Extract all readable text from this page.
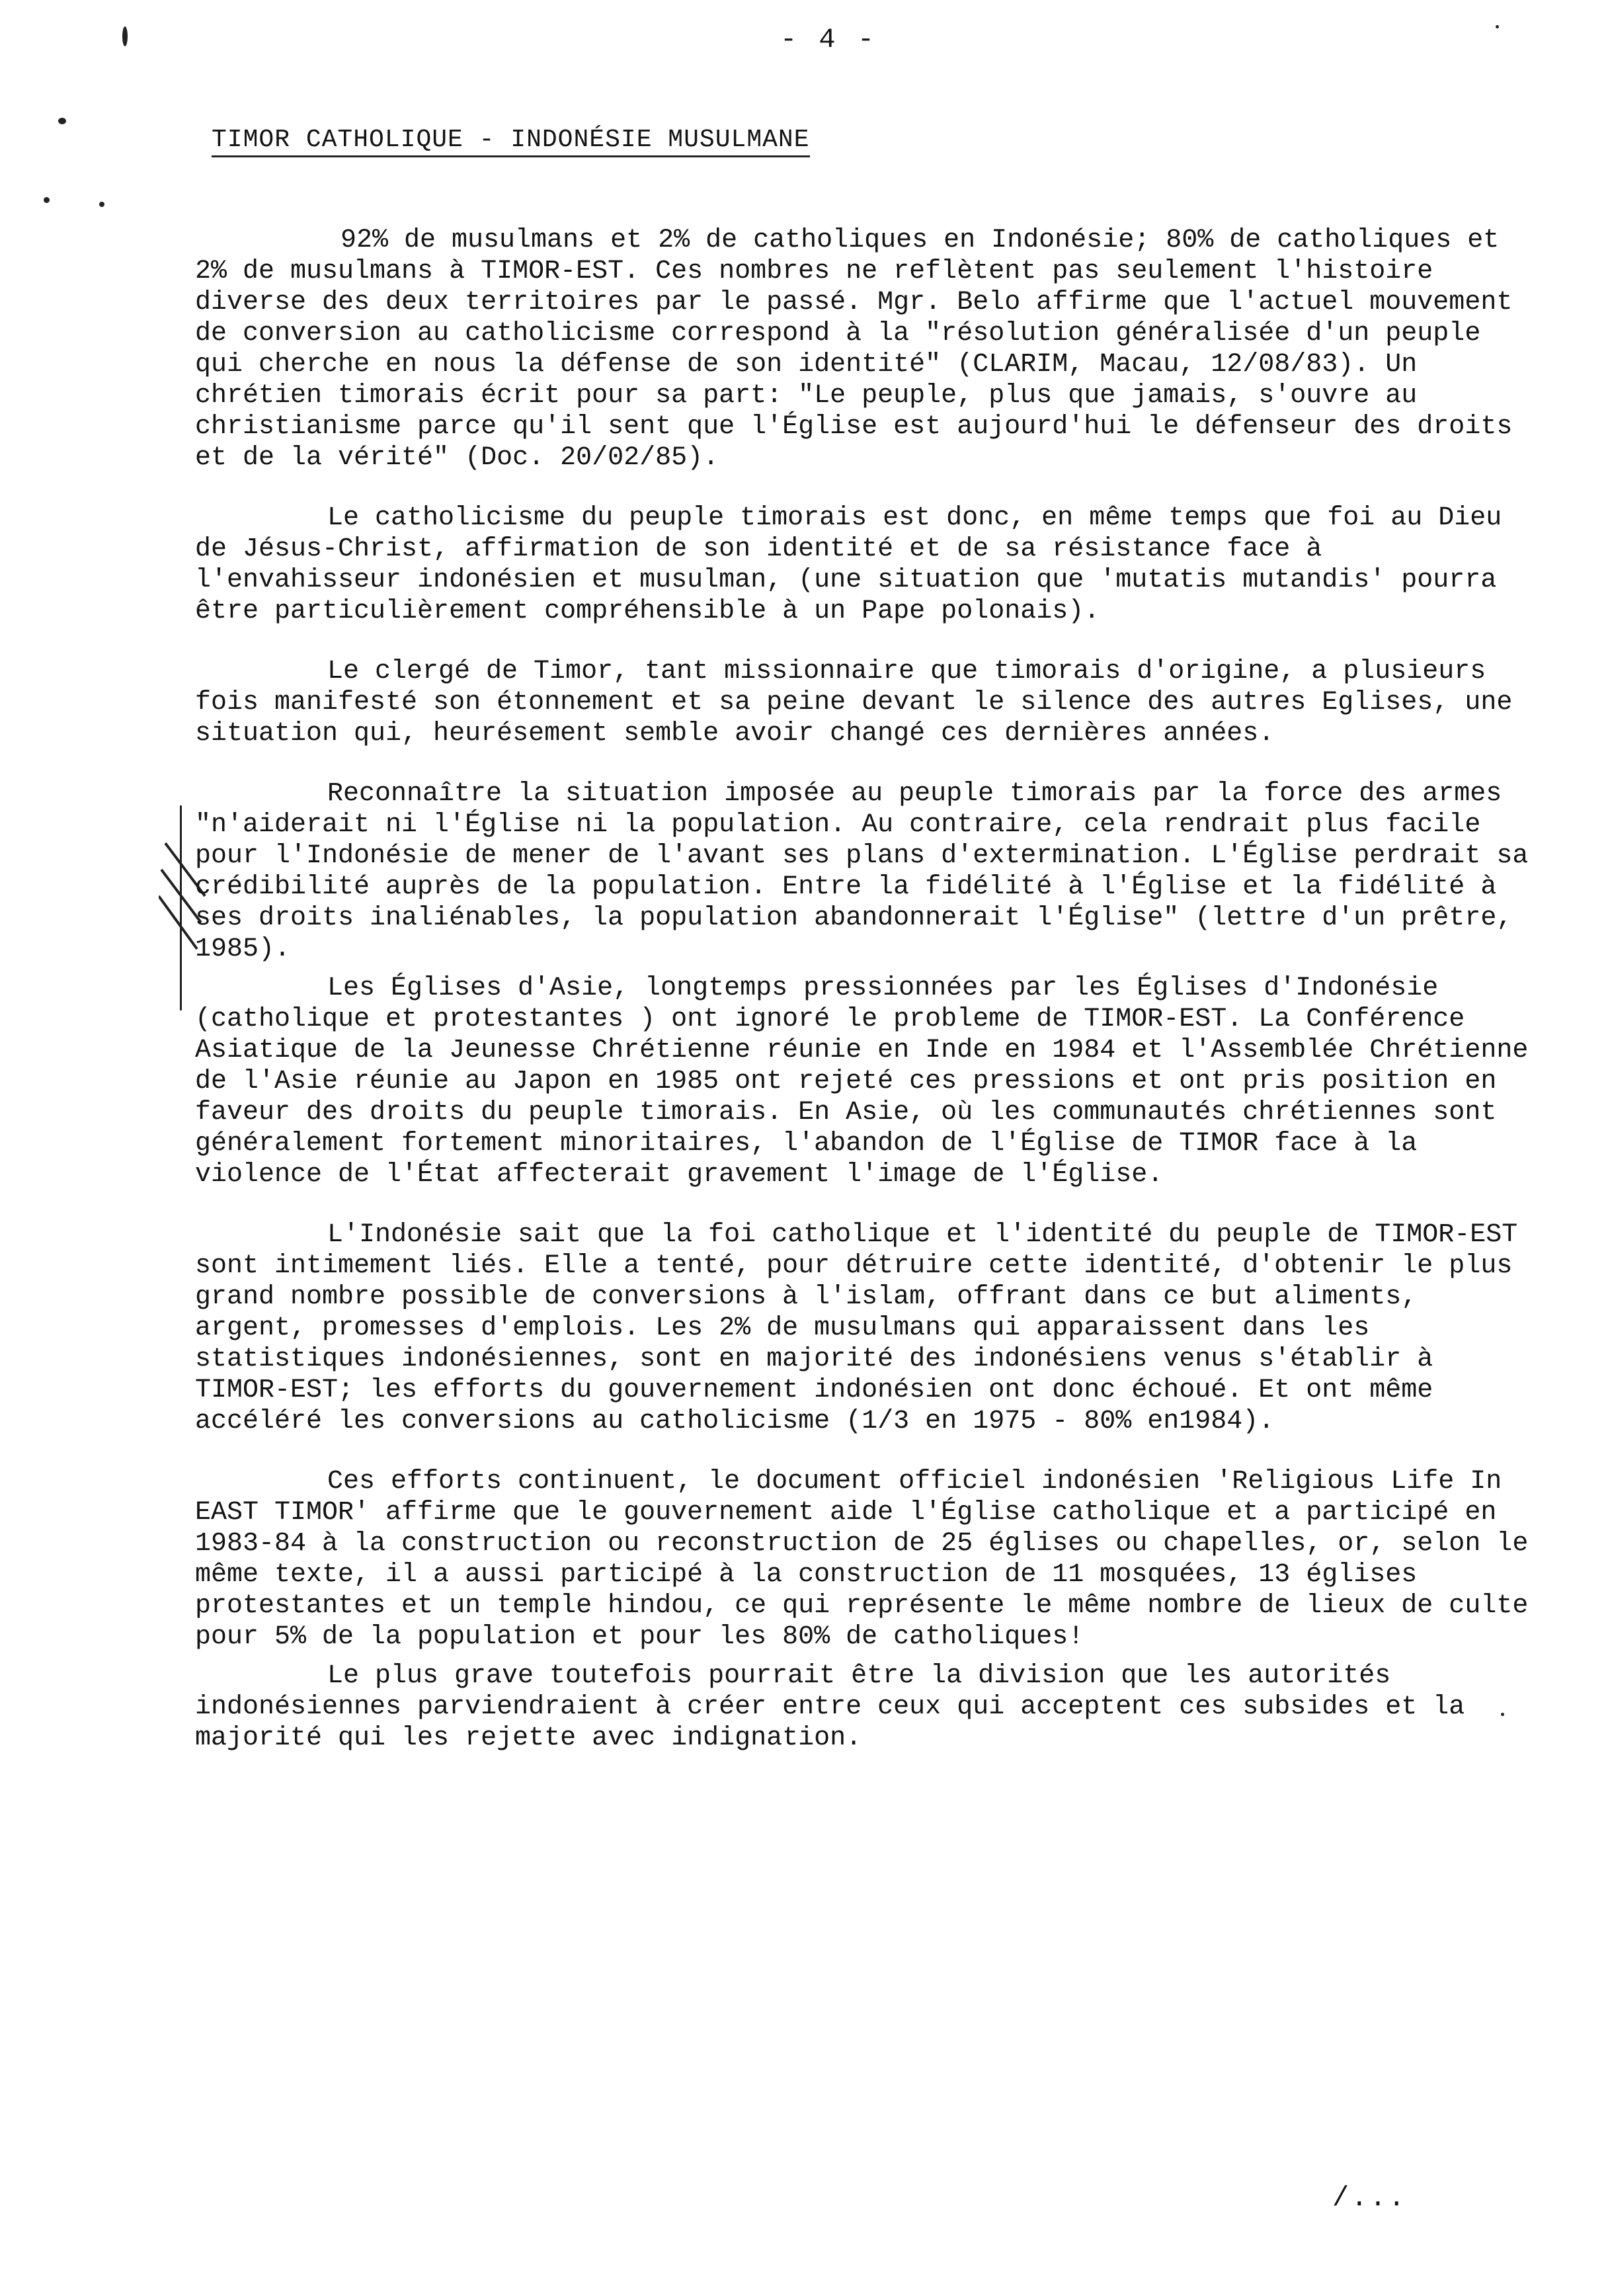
- 4 -
TIMOR CATHOLIQUE - INDONÉSIE MUSULMANE

92% de musulmans et 2% de catholiques en Indonésie; 80% de catholiques et 2% de musulmans à TIMOR-EST. Ces nombres ne reflètent pas seulement l'histoire diverse des deux territoires par le passé. Mgr. Belo affirme que l'actuel mouvement de conversion au catholicisme correspond à la "résolution généralisée d'un peuple qui cherche en nous la défense de son identité" (CLARIM, Macau, 12/08/83). Un chrétien timorais écrit pour sa part: "Le peuple, plus que jamais, s'ouvre au christianisme parce qu'il sent que l'Église est aujourd'hui le défenseur des droits et de la vérité" (Doc. 20/02/85).

Le catholicisme du peuple timorais est donc, en même temps que foi au Dieu de Jésus-Christ, affirmation de son identité et de sa résistance face à l'envahisseur indonésien et musulman, (une situation que 'mutatis mutandis' pourra être particulièrement compréhensible à un Pape polonais).

Le clergé de Timor, tant missionnaire que timorais d'origine, a plusieurs fois manifesté son étonnement et sa peine devant le silence des autres Eglises, une situation qui, heurésement semble avoir changé ces dernières années.

Reconnaître la situation imposée au peuple timorais par la force des armes "n'aiderait ni l'Église ni la population. Au contraire, cela rendrait plus facile pour l'Indonésie de mener de l'avant ses plans d'extermination. L'Église perdrait sa crédibilité auprès de la population. Entre la fidélité à l'Église et la fidélité à ses droits inaliénables, la population abandonnerait l'Église" (lettre d'un prêtre, 1985).

Les Églises d'Asie, longtemps pressionnées par les Églises d'Indonésie (catholique et protestantes ) ont ignoré le probleme de TIMOR-EST. La Conférence Asiatique de la Jeunesse Chrétienne réunie en Inde en 1984 et l'Assemblée Chrétienne de l'Asie réunie au Japon en 1985 ont rejeté ces pressions et ont pris position en faveur des droits du peuple timorais. En Asie, où les communautés chrétiennes sont généralement fortement minoritaires, l'abandon de l'Église de TIMOR face à la violence de l'État affecterait gravement l'image de l'Église.

L'Indonésie sait que la foi catholique et l'identité du peuple de TIMOR-EST sont intimement liés. Elle a tenté, pour détruire cette identité, d'obtenir le plus grand nombre possible de conversions à l'islam, offrant dans ce but aliments, argent, promesses d'emplois. Les 2% de musulmans qui apparaissent dans les statistiques indonésiennes, sont en majorité des indonésiens venus s'établir à TIMOR-EST; les efforts du gouvernement indonésien ont donc échoué. Et ont même accéléré les conversions au catholicisme (1/3 en 1975 - 80% en1984).

Ces efforts continuent, le document officiel indonésien 'Religious Life In EAST TIMOR' affirme que le gouvernement aide l'Église catholique et a participé en 1983-84 à la construction ou reconstruction de 25 églises ou chapelles, or, selon le même texte, il a aussi participé à la construction de 11 mosquées, 13 églises protestantes et un temple hindou, ce qui représente le même nombre de lieux de culte pour 5% de la population et pour les 80% de catholiques!

Le plus grave toutefois pourrait être la division que les autorités indonésiennes parviendraient à créer entre ceux qui acceptent ces subsides et la majorité qui les rejette avec indignation.

/...
